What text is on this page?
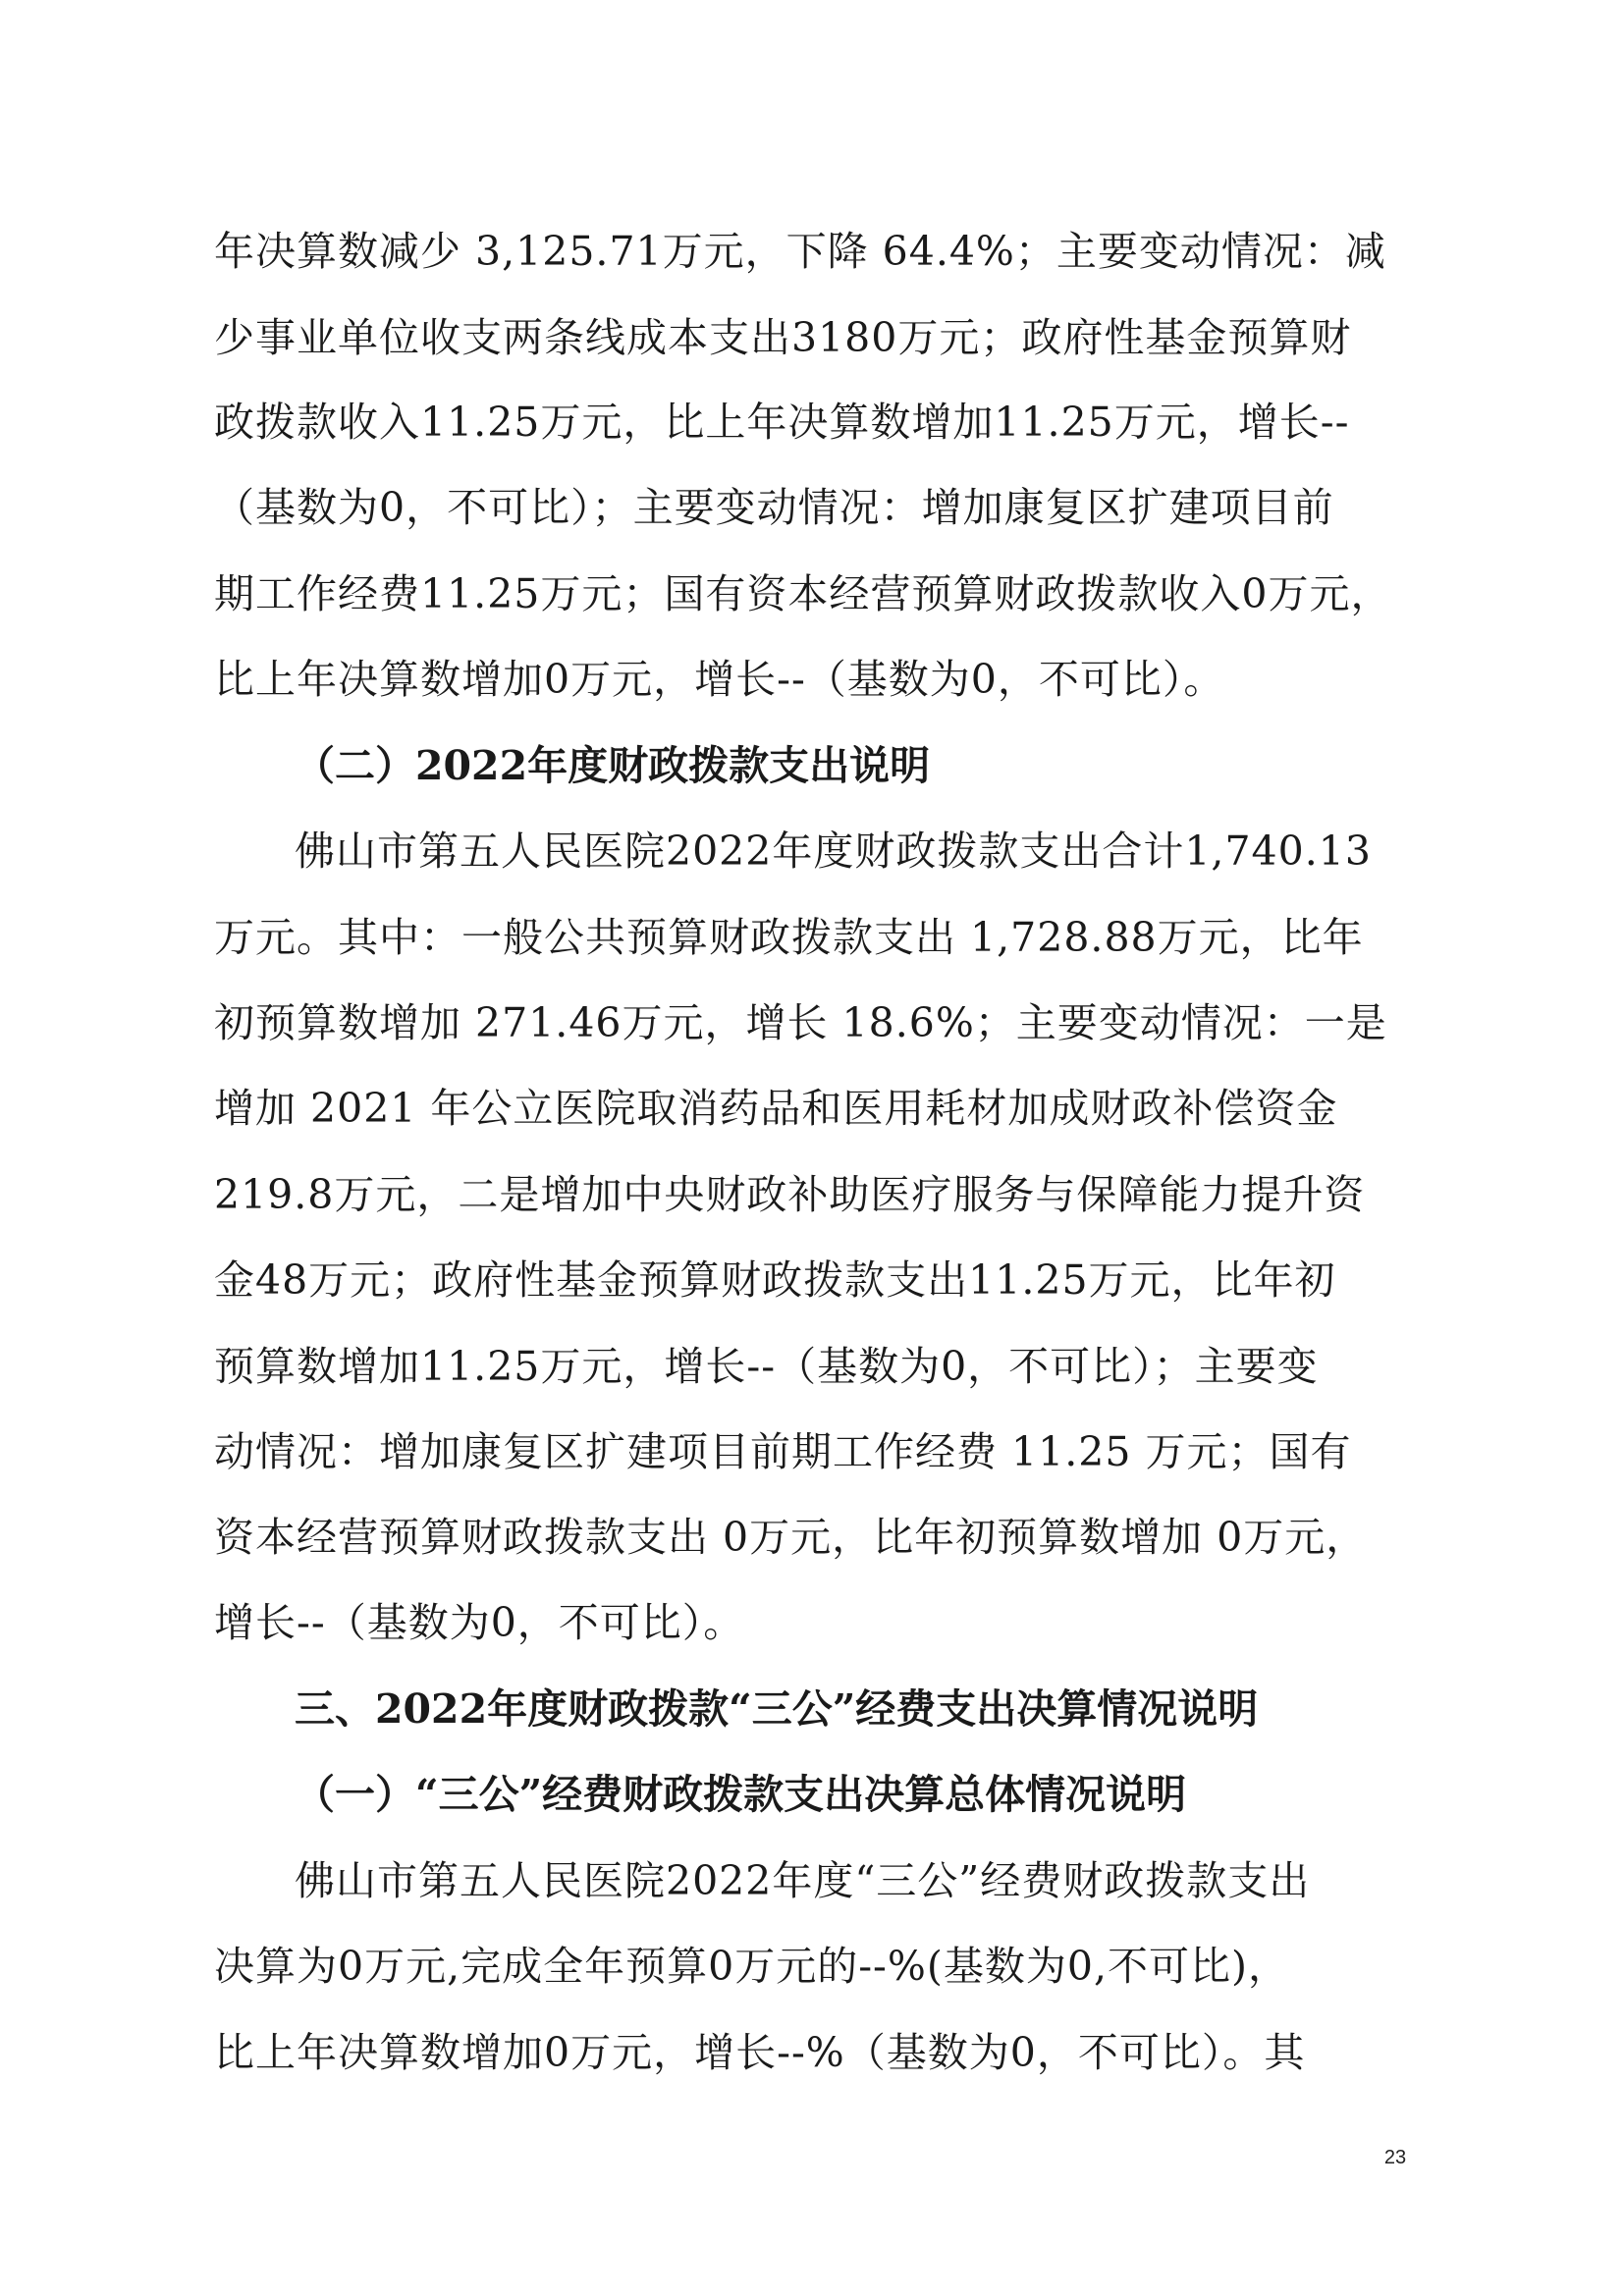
年决算数减少 3,125.71万元，下降 64.4%；主要变动情况：减
少事业单位收支两条线成本支出3180万元；政府性基金预算财
政拨款收入11.25万元，比上年决算数增加11.25万元，增长--
（基数为0，不可比）；主要变动情况：增加康复区扩建项目前
期工作经费11.25万元；国有资本经营预算财政拨款收入0万元，
比上年决算数增加0万元，增长--（基数为0，不可比）。
（二）2022年度财政拨款支出说明
佛山市第五人民医院2022年度财政拨款支出合计1,740.13
万元。其中：一般公共预算财政拨款支出 1,728.88万元，比年
初预算数增加 271.46万元，增长 18.6%；主要变动情况：一是
增加 2021 年公立医院取消药品和医用耗材加成财政补偿资金
219.8万元，二是增加中央财政补助医疗服务与保障能力提升资
金48万元；政府性基金预算财政拨款支出11.25万元，比年初
预算数增加11.25万元，增长--（基数为0，不可比）；主要变
动情况：增加康复区扩建项目前期工作经费 11.25 万元；国有
资本经营预算财政拨款支出 0万元，比年初预算数增加 0万元，
增长--（基数为0，不可比）。
三、2022年度财政拨款“三公”经费支出决算情况说明
（一）“三公”经费财政拨款支出决算总体情况说明
佛山市第五人民医院2022年度“三公”经费财政拨款支出
决算为0万元,完成全年预算0万元的--%(基数为0,不可比)，
比上年决算数增加0万元，增长--%（基数为0，不可比）。其
23
